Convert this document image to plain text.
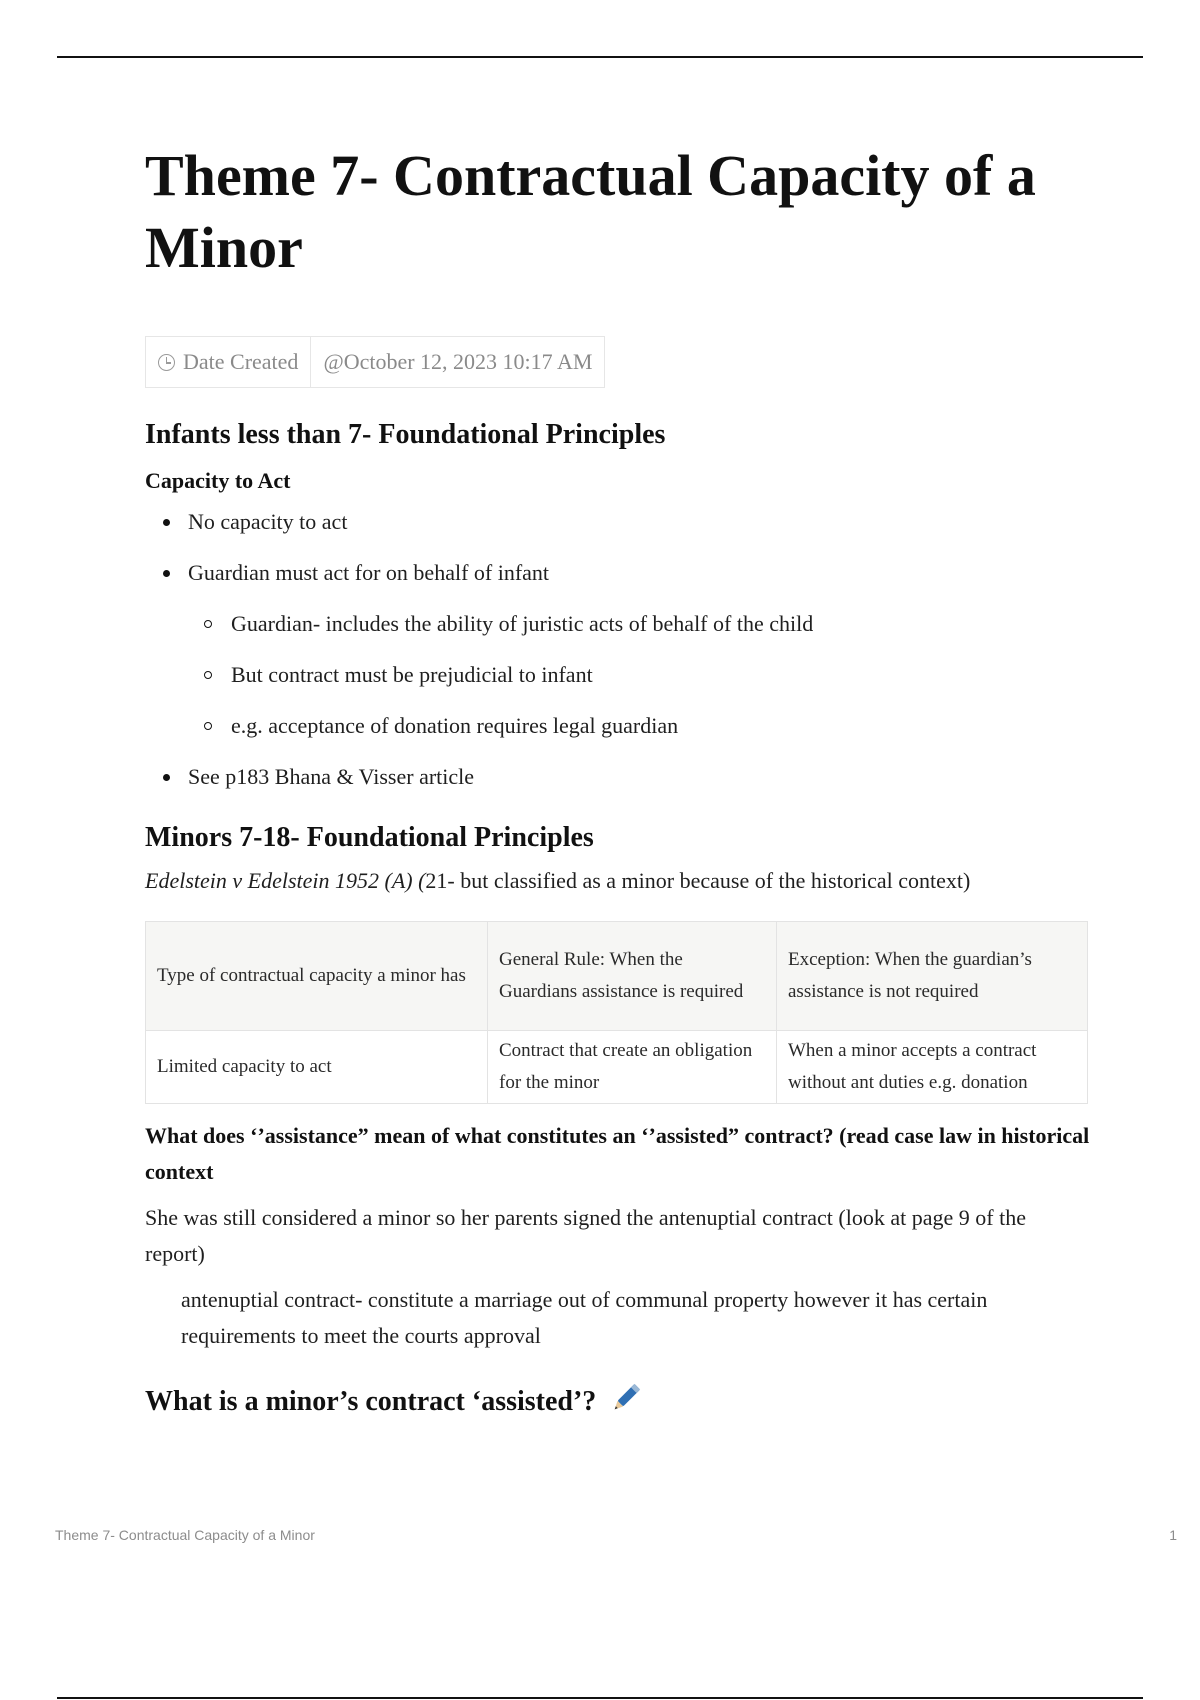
Theme 7- Contractual Capacity of a Minor
Date Created	@October 12, 2023 10:17 AM
Infants less than 7- Foundational Principles
Capacity to Act
No capacity to act
Guardian must act for on behalf of infant
Guardian- includes the ability of juristic acts of behalf of the child
But contract must be prejudicial to infant
e.g. acceptance of donation requires legal guardian
See p183 Bhana & Visser article
Minors 7-18- Foundational Principles

Edelstein v Edelstein 1952 (A) (21- but classified as a minor because of the historical context)

Type of contractual capacity a minor has	General Rule: When the Guardians assistance is required	Exception: When the guardian’s assistance is not required
Limited capacity to act	Contract that create an obligation for the minor	When a minor accepts a contract without ant duties e.g. donation

What does ‘’assistance” mean of what constitutes an ‘’assisted” contract? (read case law in historical context

She was still considered a minor so her parents signed the antenuptial contract (look at page 9 of the report)

antenuptial contract- constitute a marriage out of communal property however it has certain requirements to meet the courts approval

What is a minor’s contract ‘assisted’?
Theme 7- Contractual Capacity of a Minor	1
